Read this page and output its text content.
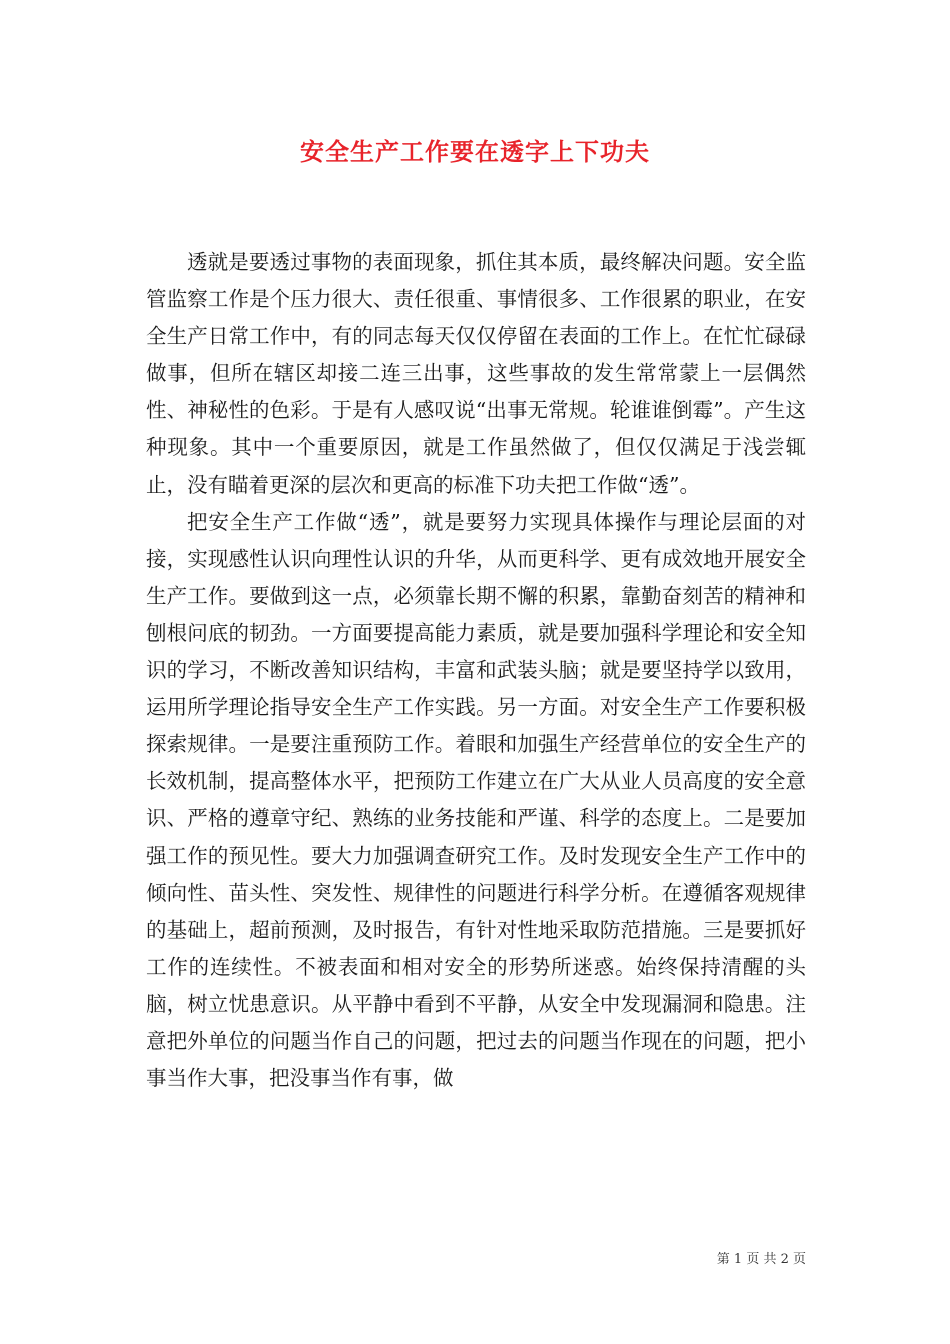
安全生产工作要在透字上下功夫

透就是要透过事物的表面现象，抓住其本质，最终解决问题。安全监管监察工作是个压力很大、责任很重、事情很多、工作很累的职业，在安全生产日常工作中，有的同志每天仅仅停留在表面的工作上。在忙忙碌碌做事，但所在辖区却接二连三出事，这些事故的发生常常蒙上一层偶然性、神秘性的色彩。于是有人感叹说“出事无常规。轮谁谁倒霉”。产生这种现象。其中一个重要原因，就是工作虽然做了，但仅仅满足于浅尝辄止，没有瞄着更深的层次和更高的标准下功夫把工作做“透”。

把安全生产工作做“透”，就是要努力实现具体操作与理论层面的对接，实现感性认识向理性认识的升华，从而更科学、更有成效地开展安全生产工作。要做到这一点，必须靠长期不懈的积累，靠勤奋刻苦的精神和刨根问底的韧劲。一方面要提高能力素质，就是要加强科学理论和安全知识的学习，不断改善知识结构，丰富和武装头脑；就是要坚持学以致用，运用所学理论指导安全生产工作实践。另一方面。对安全生产工作要积极探索规律。一是要注重预防工作。着眼和加强生产经营单位的安全生产的长效机制，提高整体水平，把预防工作建立在广大从业人员高度的安全意识、严格的遵章守纪、熟练的业务技能和严谨、科学的态度上。二是要加强工作的预见性。要大力加强调查研究工作。及时发现安全生产工作中的倾向性、苗头性、突发性、规律性的问题进行科学分析。在遵循客观规律的基础上，超前预测，及时报告，有针对性地采取防范措施。三是要抓好工作的连续性。不被表面和相对安全的形势所迷惑。始终保持清醒的头脑，树立忧患意识。从平静中看到不平静，从安全中发现漏洞和隐患。注意把外单位的问题当作自己的问题，把过去的问题当作现在的问题，把小事当作大事，把没事当作有事，做

第 1 页 共 2 页
